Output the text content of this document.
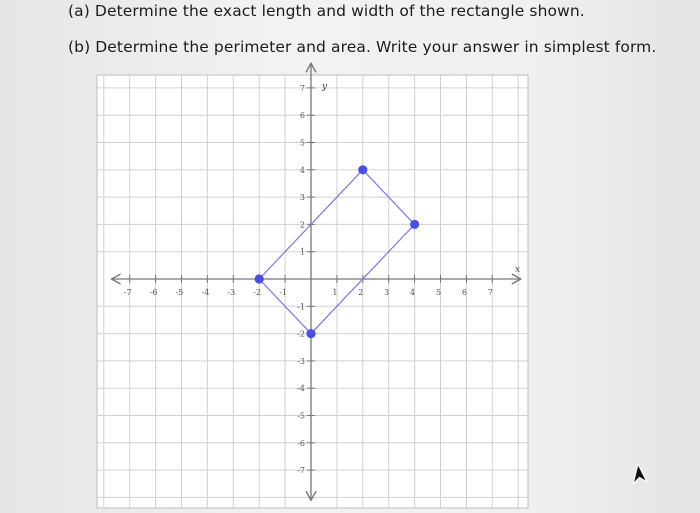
(a) Determine the exact length and width of the rectangle shown.

(b) Determine the perimeter and area. Write your answer in simplest form.

-7 -6 -5 -4 -3 -2 -1	1	2	3	4	5	6	7
7
6
5
4
3
2
1
-1
-2
-3
-4
-5
-6
-7
x
y
